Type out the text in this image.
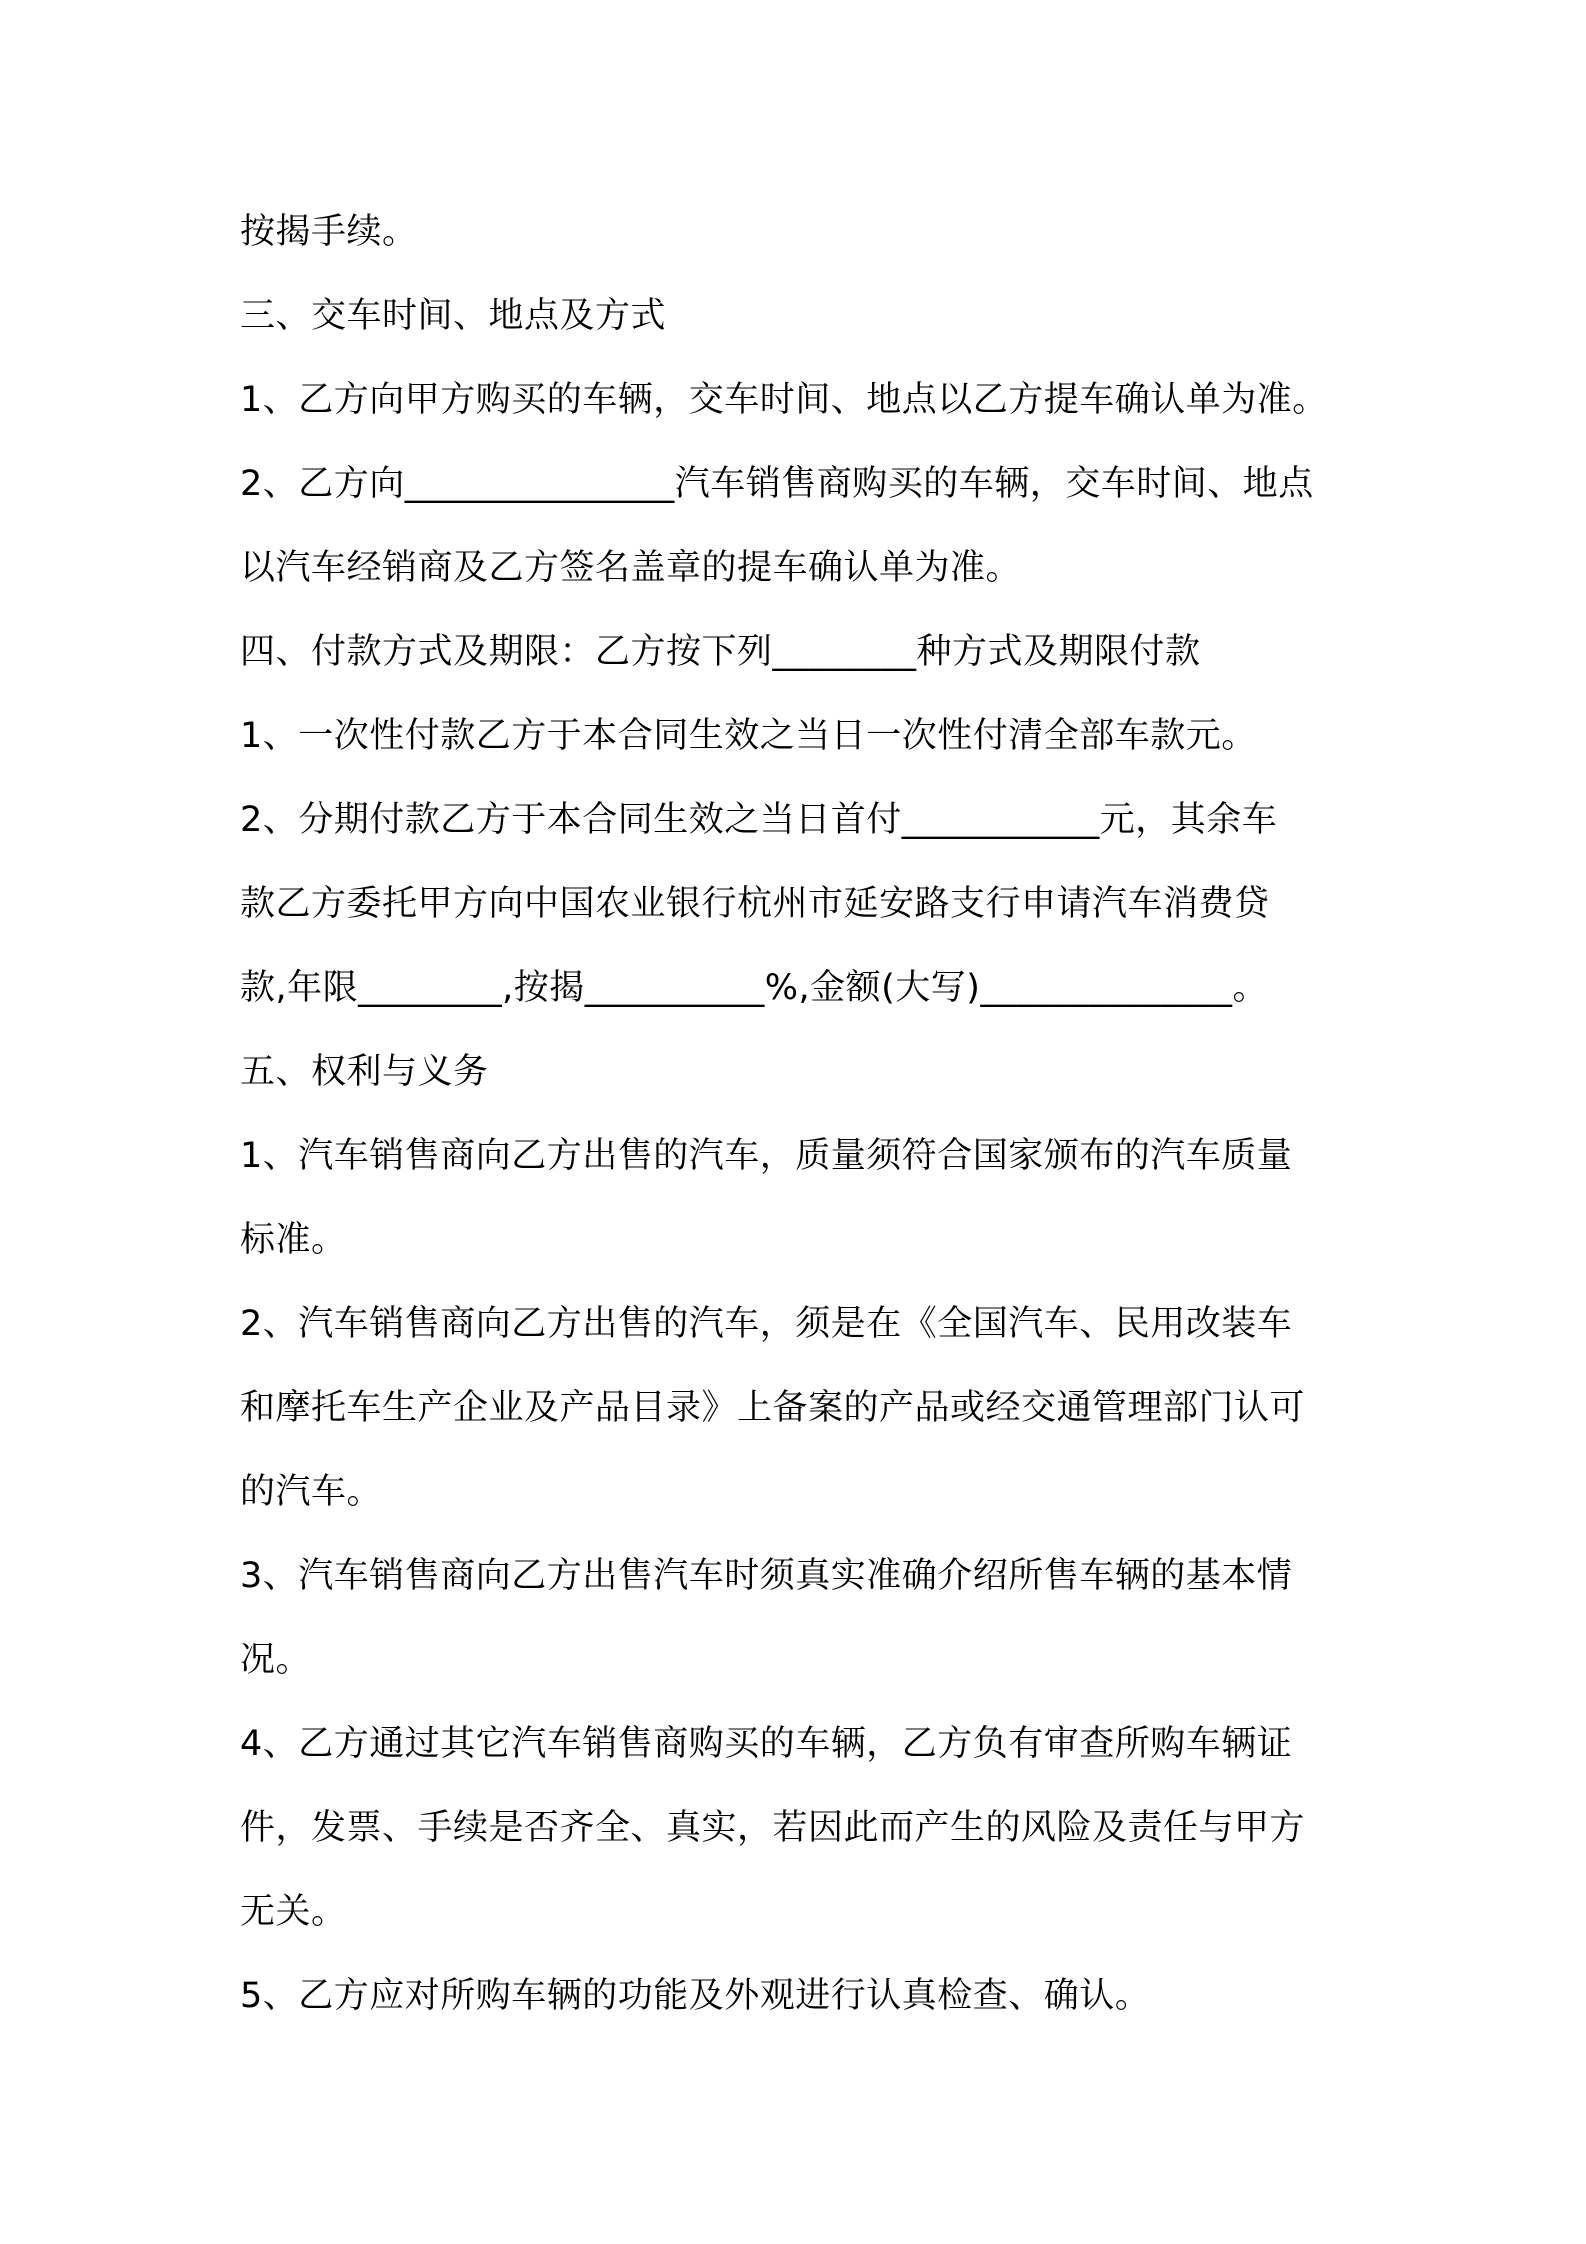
按揭手续。
三、交车时间、地点及方式
1、乙方向甲方购买的车辆，交车时间、地点以乙方提车确认单为准。
2、乙方向_______________汽车销售商购买的车辆，交车时间、地点
以汽车经销商及乙方签名盖章的提车确认单为准。
四、付款方式及期限：乙方按下列________种方式及期限付款
1、一次性付款乙方于本合同生效之当日一次性付清全部车款元。
2、分期付款乙方于本合同生效之当日首付___________元，其余车
款乙方委托甲方向中国农业银行杭州市延安路支行申请汽车消费贷
款,年限________,按揭__________%,金额(大写)______________。
五、权利与义务
1、汽车销售商向乙方出售的汽车，质量须符合国家颁布的汽车质量
标准。
2、汽车销售商向乙方出售的汽车，须是在《全国汽车、民用改装车
和摩托车生产企业及产品目录》上备案的产品或经交通管理部门认可
的汽车。
3、汽车销售商向乙方出售汽车时须真实准确介绍所售车辆的基本情
况。
4、乙方通过其它汽车销售商购买的车辆，乙方负有审查所购车辆证
件，发票、手续是否齐全、真实，若因此而产生的风险及责任与甲方
无关。
5、乙方应对所购车辆的功能及外观进行认真检查、确认。
